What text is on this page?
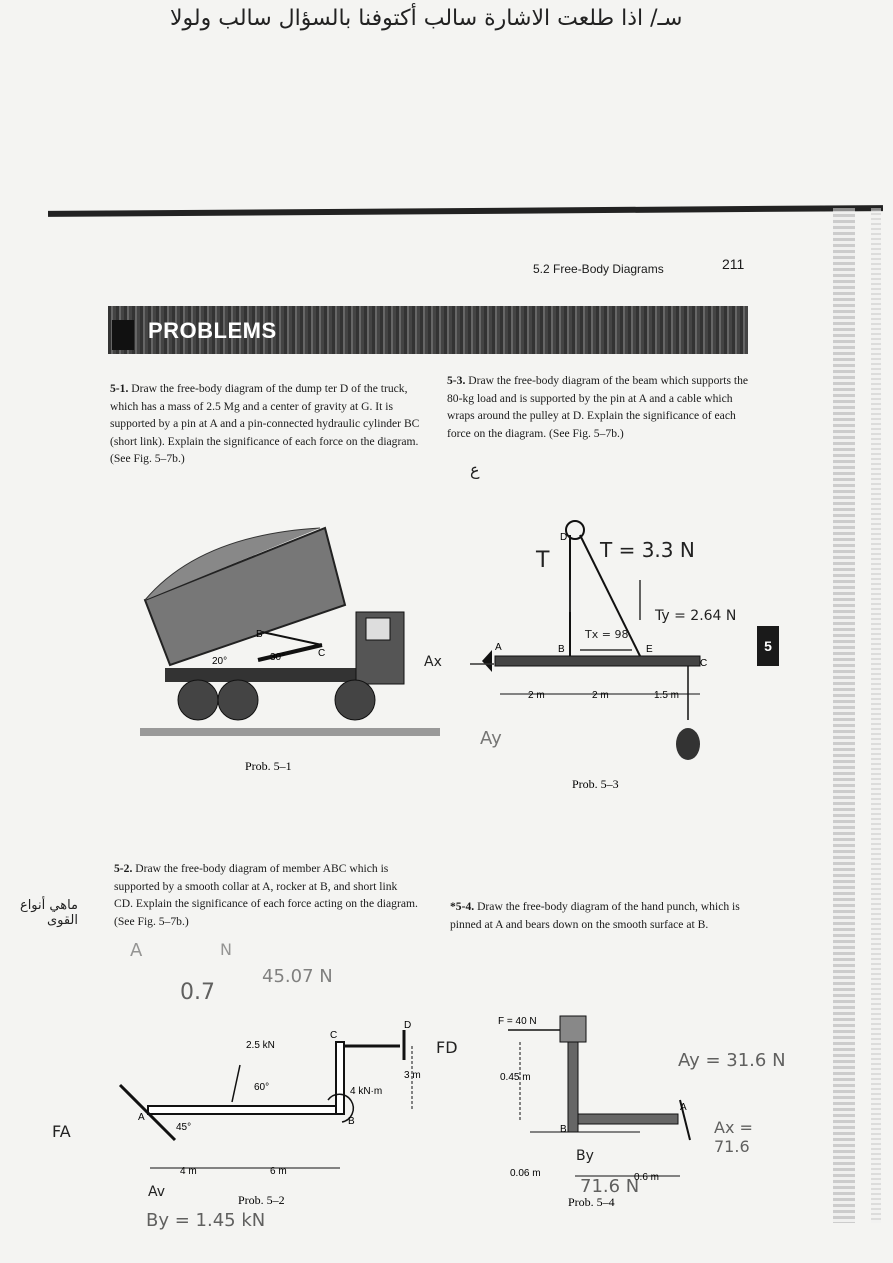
سـ/ اذا طلعت الاشارة سالب أكتوفنا بالسؤال سالب ولولا
5.2 Free-Body Diagrams	211
PROBLEMS
5
5-1. Draw the free-body diagram of the dump ter D of the truck, which has a mass of 2.5 Mg and a center of gravity at G. It is supported by a pin at A and a pin-connected hydraulic cylinder BC (short link). Explain the significance of each force on the diagram. (See Fig. 5–7b.)
5-3. Draw the free-body diagram of the beam which supports the 80-kg load and is supported by the pin at A and a cable which wraps around the pulley at D. Explain the significance of each force on the diagram. (See Fig. 5–7b.)
5-2. Draw the free-body diagram of member ABC which is supported by a smooth collar at A, rocker at B, and short link CD. Explain the significance of each force acting on the diagram. (See Fig. 5–7b.)
*5-4. Draw the free-body diagram of the hand punch, which is pinned at A and bears down on the smooth surface at B.
B
C
20°	30°
Prob. 5–1
A	B
C
D
E
2 m	2 m	1.5 m
Prob. 5–3
2.5 kN
60°	4 kN·m
45°
C
D
B
A
3 m
4 m	6 m
Prob. 5–2
F = 40 N
0.45 m
B
A
0.06 m	0.6 m
Prob. 5–4
ع
T	T = 3.3 N
Ty = 2.64 N
Tx = 98
Ax
Ay
ماهي أنواع القوى
A	N
45.07 N
0.7
FA
FD
Av
By = 1.45 kN
Ay = 31.6 N
Ax = 71.6
71.6 N
By
